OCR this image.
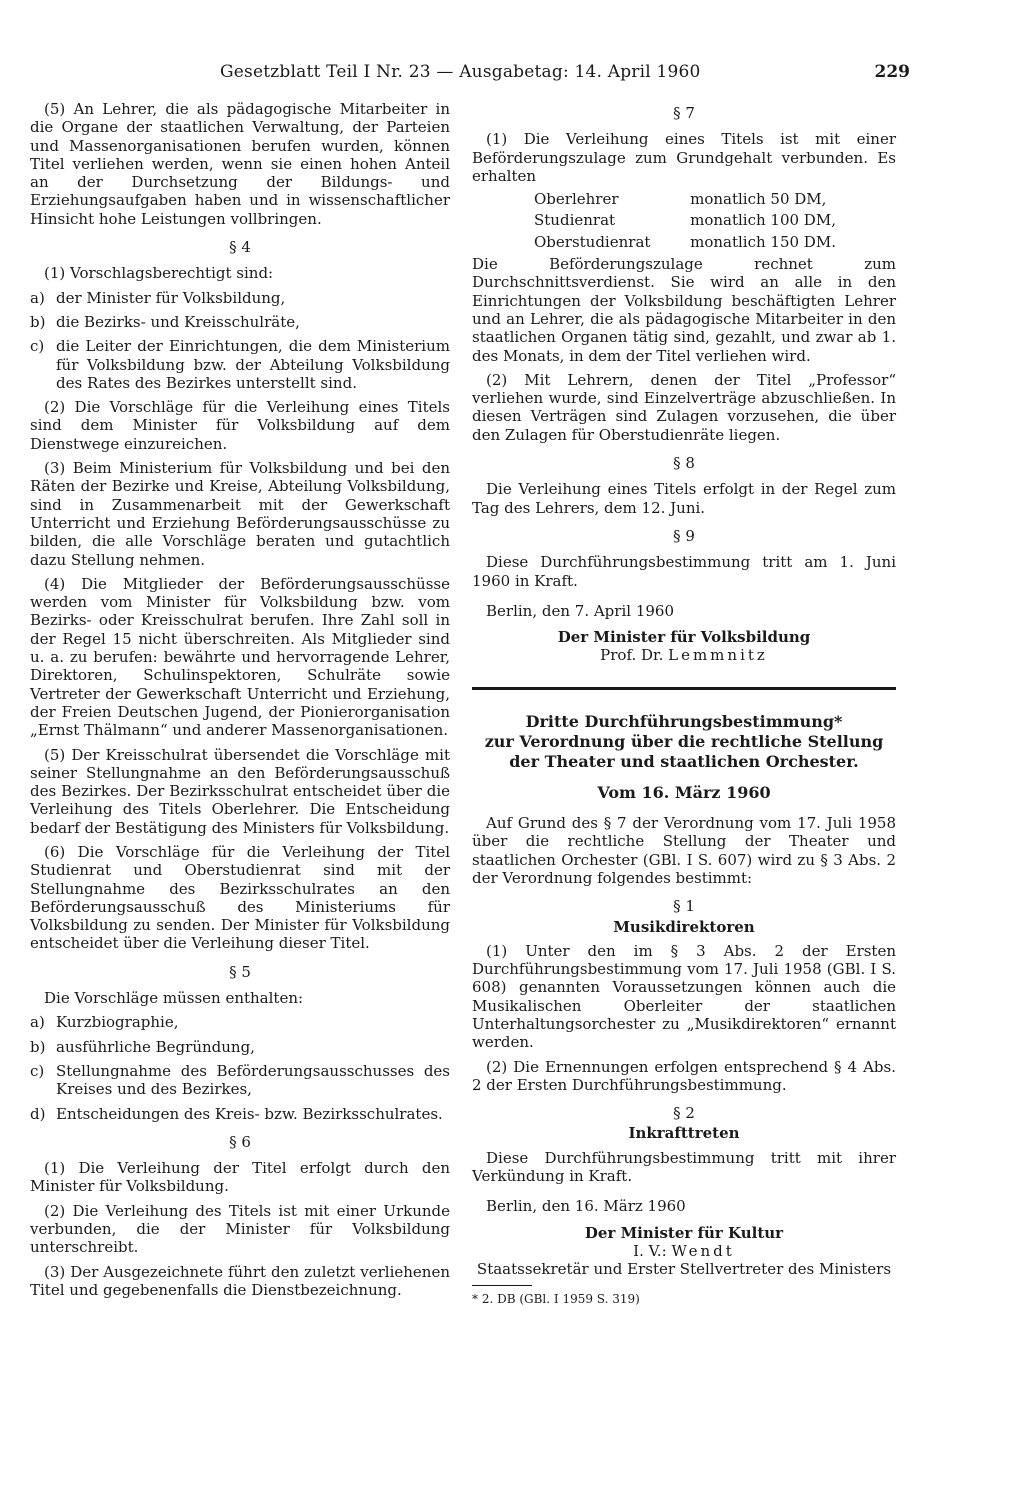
Gesetzblatt Teil I Nr. 23 — Ausgabetag: 14. April 1960	229

(5) An Lehrer, die als pädagogische Mitarbeiter in die Organe der staatlichen Verwaltung, der Parteien und Massenorganisationen berufen wurden, können Titel verliehen werden, wenn sie einen hohen Anteil an der Durchsetzung der Bildungs- und Erziehungsaufgaben haben und in wissenschaftlicher Hinsicht hohe Leistungen vollbringen.

§ 4

(1) Vorschlagsberechtigt sind:

a) der Minister für Volksbildung,
b) die Bezirks- und Kreisschulräte,
c) die Leiter der Einrichtungen, die dem Ministerium für Volksbildung bzw. der Abteilung Volksbildung des Rates des Bezirkes unterstellt sind.

(2) Die Vorschläge für die Verleihung eines Titels sind dem Minister für Volksbildung auf dem Dienstwege einzureichen.

(3) Beim Ministerium für Volksbildung und bei den Räten der Bezirke und Kreise, Abteilung Volksbildung, sind in Zusammenarbeit mit der Gewerkschaft Unterricht und Erziehung Beförderungsausschüsse zu bilden, die alle Vorschläge beraten und gutachtlich dazu Stellung nehmen.

(4) Die Mitglieder der Beförderungsausschüsse werden vom Minister für Volksbildung bzw. vom Bezirks- oder Kreisschulrat berufen. Ihre Zahl soll in der Regel 15 nicht überschreiten. Als Mitglieder sind u. a. zu berufen: bewährte und hervorragende Lehrer, Direktoren, Schulinspektoren, Schulräte sowie Vertreter der Gewerkschaft Unterricht und Erziehung, der Freien Deutschen Jugend, der Pionierorganisation „Ernst Thälmann“ und anderer Massenorganisationen.

(5) Der Kreisschulrat übersendet die Vorschläge mit seiner Stellungnahme an den Beförderungsausschuß des Bezirkes. Der Bezirksschulrat entscheidet über die Verleihung des Titels Oberlehrer. Die Entscheidung bedarf der Bestätigung des Ministers für Volksbildung.

(6) Die Vorschläge für die Verleihung der Titel Studienrat und Oberstudienrat sind mit der Stellungnahme des Bezirksschulrates an den Beförderungsausschuß des Ministeriums für Volksbildung zu senden. Der Minister für Volksbildung entscheidet über die Verleihung dieser Titel.

§ 5

Die Vorschläge müssen enthalten:

a) Kurzbiographie,
b) ausführliche Begründung,
c) Stellungnahme des Beförderungsausschusses des Kreises und des Bezirkes,
d) Entscheidungen des Kreis- bzw. Bezirksschulrates.
§ 6

(1) Die Verleihung der Titel erfolgt durch den Minister für Volksbildung.

(2) Die Verleihung des Titels ist mit einer Urkunde verbunden, die der Minister für Volksbildung unterschreibt.

(3) Der Ausgezeichnete führt den zuletzt verliehenen Titel und gegebenenfalls die Dienstbezeichnung.

§ 7

(1) Die Verleihung eines Titels ist mit einer Beförderungszulage zum Grundgehalt verbunden. Es erhalten

Oberlehrer	monatlich 50 DM,
Studienrat	monatlich 100 DM,
Oberstudienrat	monatlich 150 DM.

Die Beförderungszulage rechnet zum Durchschnittsverdienst. Sie wird an alle in den Einrichtungen der Volksbildung beschäftigten Lehrer und an Lehrer, die als pädagogische Mitarbeiter in den staatlichen Organen tätig sind, gezahlt, und zwar ab 1. des Monats, in dem der Titel verliehen wird.

(2) Mit Lehrern, denen der Titel „Professor“ verliehen wurde, sind Einzelverträge abzuschließen. In diesen Verträgen sind Zulagen vorzusehen, die über den Zulagen für Oberstudienräte liegen.

§ 8

Die Verleihung eines Titels erfolgt in der Regel zum Tag des Lehrers, dem 12. Juni.

§ 9

Diese Durchführungsbestimmung tritt am 1. Juni 1960 in Kraft.

Berlin, den 7. April 1960

Der Minister für Volksbildung
Prof. Dr. Lemmnitz
Dritte Durchführungsbestimmung*
zur Verordnung über die rechtliche Stellung
der Theater und staatlichen Orchester.
Vom 16. März 1960

Auf Grund des § 7 der Verordnung vom 17. Juli 1958 über die rechtliche Stellung der Theater und staatlichen Orchester (GBl. I S. 607) wird zu § 3 Abs. 2 der Verordnung folgendes bestimmt:

§ 1
Musikdirektoren

(1) Unter den im § 3 Abs. 2 der Ersten Durchführungsbestimmung vom 17. Juli 1958 (GBl. I S. 608) genannten Voraussetzungen können auch die Musikalischen Oberleiter der staatlichen Unterhaltungsorchester zu „Musikdirektoren“ ernannt werden.

(2) Die Ernennungen erfolgen entsprechend § 4 Abs. 2 der Ersten Durchführungsbestimmung.

§ 2
Inkrafttreten

Diese Durchführungsbestimmung tritt mit ihrer Verkündung in Kraft.

Berlin, den 16. März 1960

Der Minister für Kultur
I. V.: Wendt
Staatssekretär und Erster Stellvertreter des Ministers
* 2. DB (GBl. I 1959 S. 319)
